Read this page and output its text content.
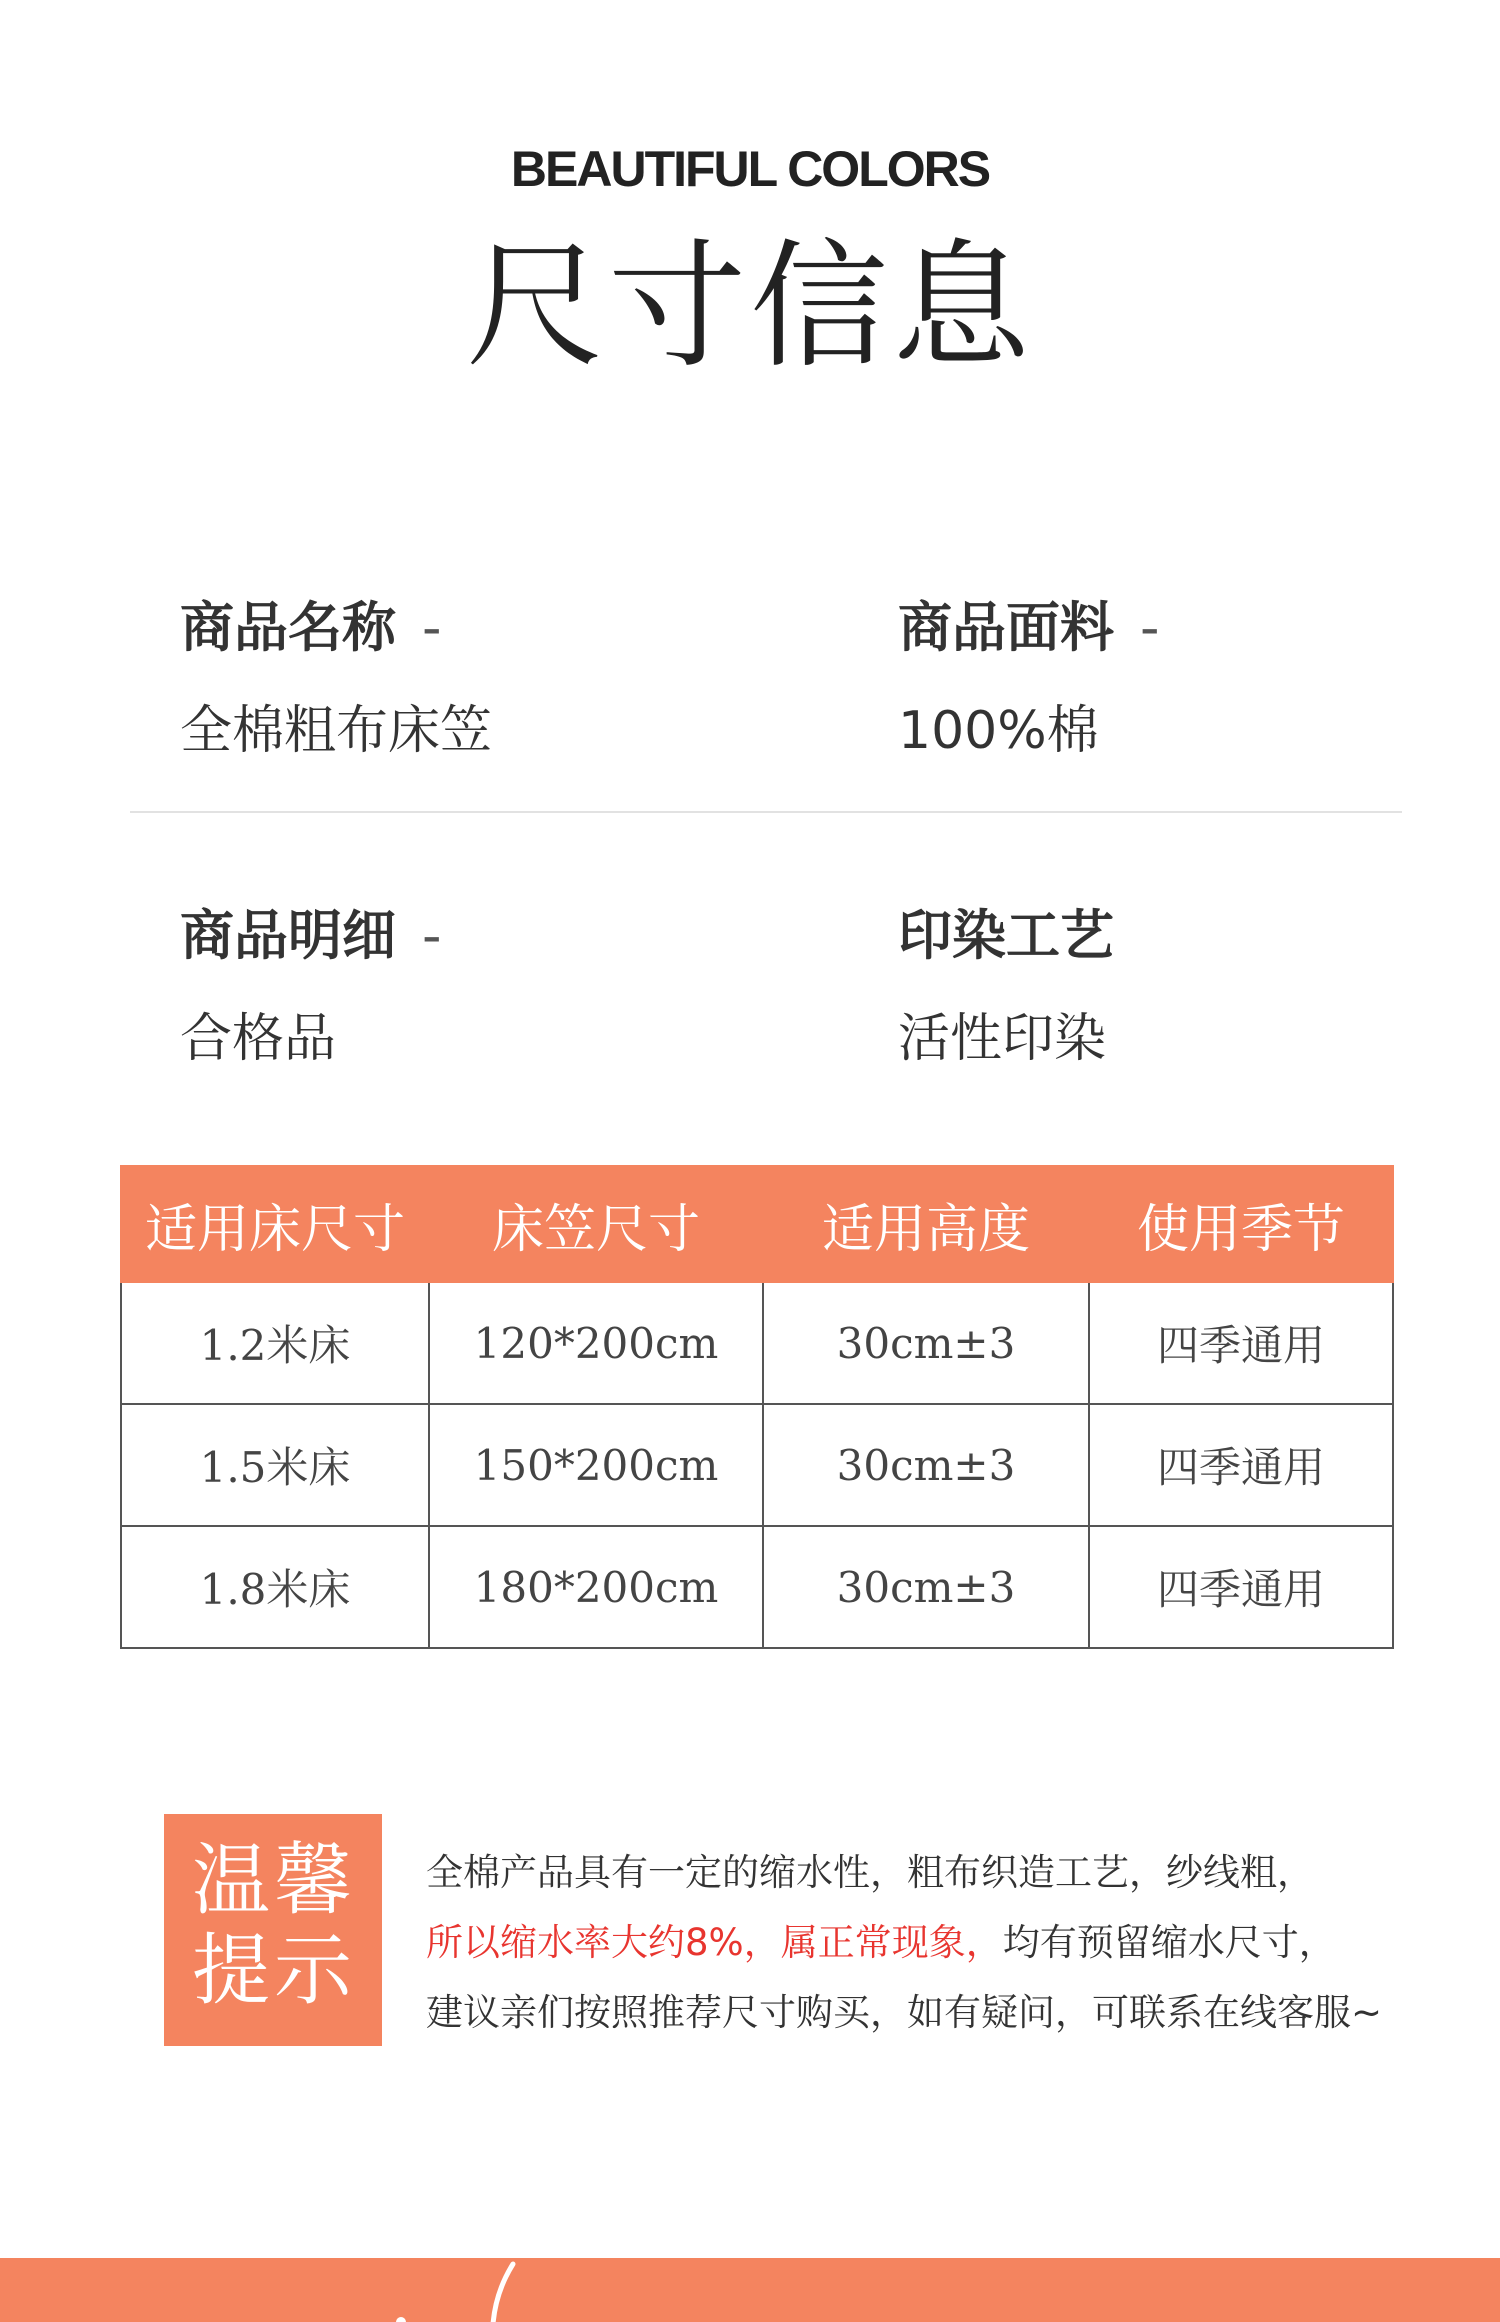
BEAUTIFUL COLORS
尺寸信息
商品名称 -
全棉粗布床笠
商品面料 -
100%棉
商品明细 -
合格品
印染工艺
活性印染
适用床尺寸	床笠尺寸	适用高度	使用季节
1.2米床	120*200cm	30cm±3	四季通用
1.5米床	150*200cm	30cm±3	四季通用
1.8米床	180*200cm	30cm±3	四季通用
温馨
提示
全棉产品具有一定的缩水性，粗布织造工艺，纱线粗，
所以缩水率大约8%，属正常现象，均有预留缩水尺寸，
建议亲们按照推荐尺寸购买，如有疑问，可联系在线客服~
